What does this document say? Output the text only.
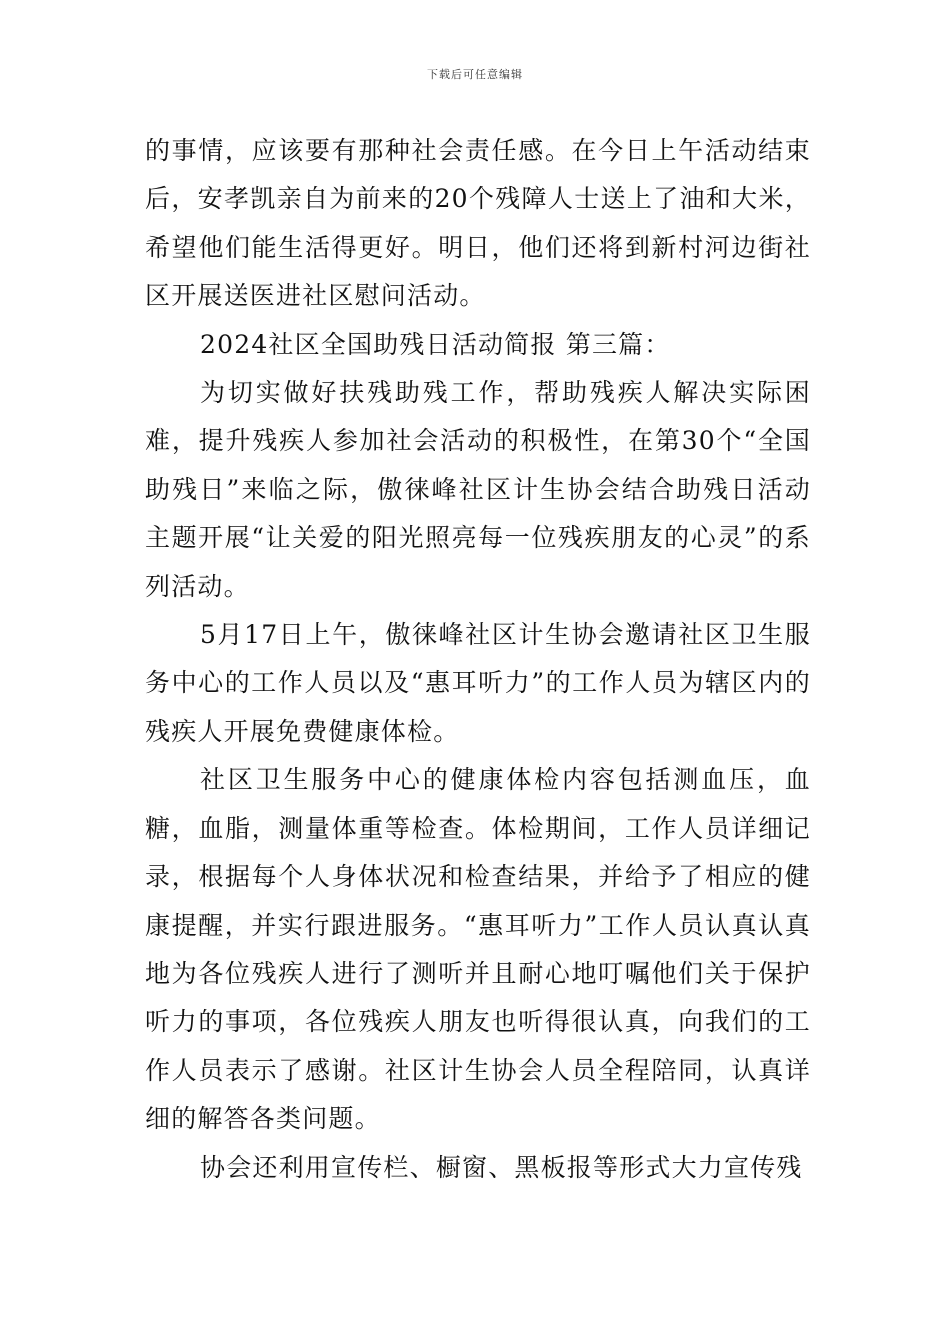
下载后可任意编辑

的事情，应该要有那种社会责任感。在今日上午活动结束后，安孝凯亲自为前来的20个残障人士送上了油和大米，希望他们能生活得更好。明日，他们还将到新村河边街社区开展送医进社区慰问活动。

2024社区全国助残日活动简报 第三篇：

为切实做好扶残助残工作，帮助残疾人解决实际困难，提升残疾人参加社会活动的积极性，在第30个“全国助残日”来临之际，傲徕峰社区计生协会结合助残日活动主题开展“让关爱的阳光照亮每一位残疾朋友的心灵”的系列活动。

5月17日上午，傲徕峰社区计生协会邀请社区卫生服务中心的工作人员以及“惠耳听力”的工作人员为辖区内的残疾人开展免费健康体检。

社区卫生服务中心的健康体检内容包括测血压，血糖，血脂，测量体重等检查。体检期间，工作人员详细记录，根据每个人身体状况和检查结果，并给予了相应的健康提醒，并实行跟进服务。“惠耳听力”工作人员认真认真地为各位残疾人进行了测听并且耐心地叮嘱他们关于保护听力的事项，各位残疾人朋友也听得很认真，向我们的工作人员表示了感谢。社区计生协会人员全程陪同，认真详细的解答各类问题。

协会还利用宣传栏、橱窗、黑板报等形式大力宣传残
